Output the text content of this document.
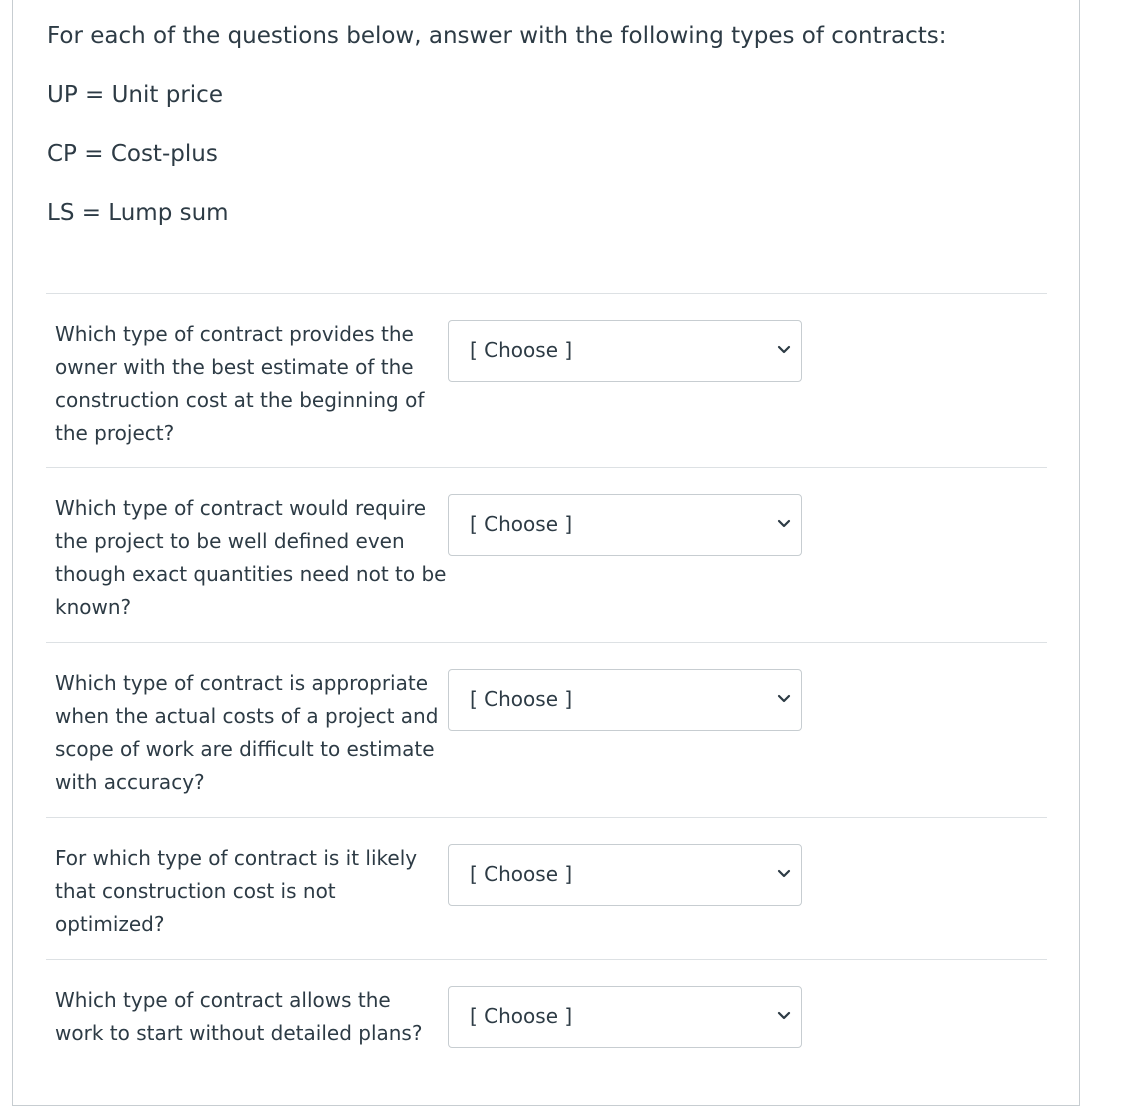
For each of the questions below, answer with the following types of contracts:
UP = Unit price
CP = Cost-plus
LS = Lump sum
Which type of contract provides the
owner with the best estimate of the
construction cost at the beginning of
the project?
[ Choose ]
Which type of contract would require
the project to be well defined even
though exact quantities need not to be
known?
[ Choose ]
Which type of contract is appropriate
when the actual costs of a project and
scope of work are difficult to estimate
with accuracy?
[ Choose ]
For which type of contract is it likely
that construction cost is not
optimized?
[ Choose ]
Which type of contract allows the
work to start without detailed plans?
[ Choose ]
